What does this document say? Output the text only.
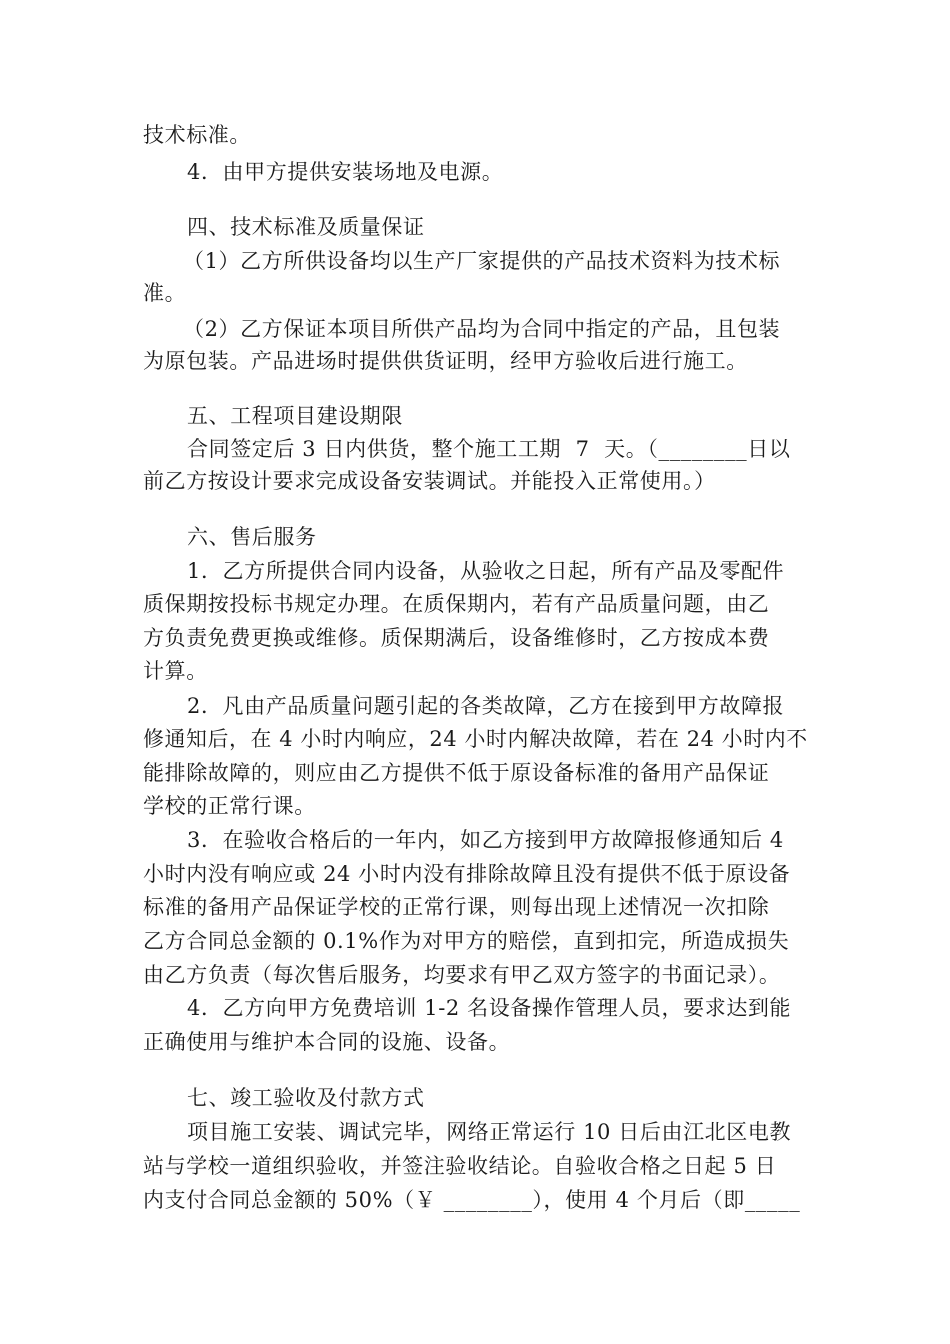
技术标准。
4．由甲方提供安装场地及电源。
四、技术标准及质量保证
（1）乙方所供设备均以生产厂家提供的产品技术资料为技术标
准。
（2）乙方保证本项目所供产品均为合同中指定的产品，且包装
为原包装。产品进场时提供供货证明，经甲方验收后进行施工。
五、工程项目建设期限
合同签定后 3 日内供货，整个施工工期  7  天。（________日以
前乙方按设计要求完成设备安装调试。并能投入正常使用。）
六、售后服务
1．乙方所提供合同内设备，从验收之日起，所有产品及零配件
质保期按投标书规定办理。在质保期内，若有产品质量问题，由乙
方负责免费更换或维修。质保期满后，设备维修时，乙方按成本费
计算。
2．凡由产品质量问题引起的各类故障，乙方在接到甲方故障报
修通知后，在 4 小时内响应，24 小时内解决故障，若在 24 小时内不
能排除故障的，则应由乙方提供不低于原设备标准的备用产品保证
学校的正常行课。
3．在验收合格后的一年内，如乙方接到甲方故障报修通知后 4
小时内没有响应或 24 小时内没有排除故障且没有提供不低于原设备
标准的备用产品保证学校的正常行课，则每出现上述情况一次扣除
乙方合同总金额的 0.1%作为对甲方的赔偿，直到扣完，所造成损失
由乙方负责（每次售后服务，均要求有甲乙双方签字的书面记录）。
4．乙方向甲方免费培训 1-2 名设备操作管理人员，要求达到能
正确使用与维护本合同的设施、设备。
七、竣工验收及付款方式
项目施工安装、调试完毕，网络正常运行 10 日后由江北区电教
站与学校一道组织验收，并签注验收结论。自验收合格之日起 5 日
内支付合同总金额的 50%（￥ ________），使用 4 个月后（即_____
